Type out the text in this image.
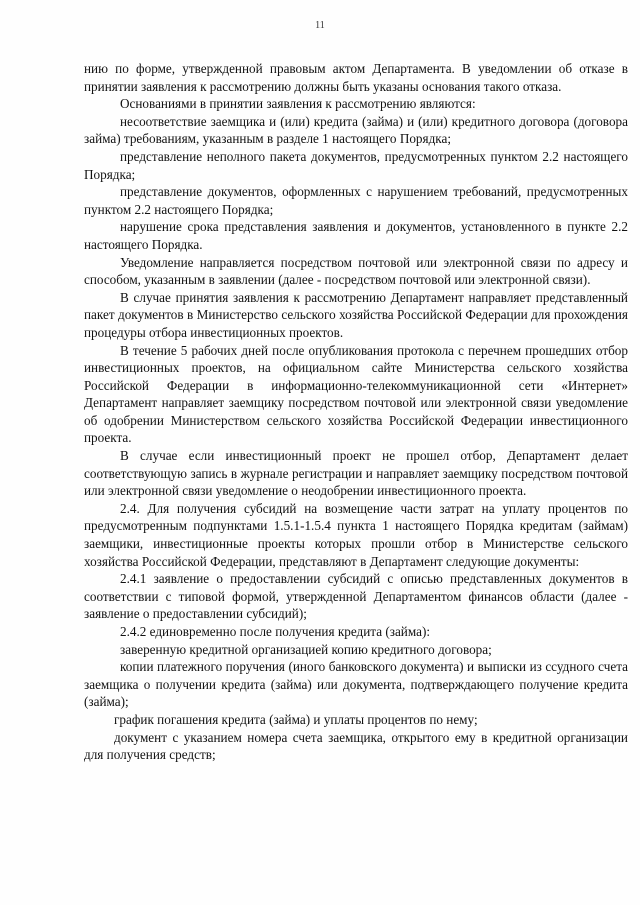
11

нию по форме, утвержденной правовым актом Департамента. В уведомлении об отказе в принятии заявления к рассмотрению должны быть указаны основания такого отказа.

Основаниями в принятии заявления к рассмотрению являются:

несоответствие заемщика и (или) кредита (займа) и (или) кредитного договора (договора займа) требованиям, указанным в разделе 1 настоящего Порядка;

представление неполного пакета документов, предусмотренных пунктом 2.2 настоящего Порядка;

представление документов, оформленных с нарушением требований, предусмотренных пунктом 2.2 настоящего Порядка;

нарушение срока представления заявления и документов, установленного в пункте 2.2 настоящего Порядка.

Уведомление направляется посредством почтовой или электронной связи по адресу и способом, указанным в заявлении (далее - посредством почтовой или электронной связи).

В случае принятия заявления к рассмотрению Департамент направляет представленный пакет документов в Министерство сельского хозяйства Российской Федерации для прохождения процедуры отбора инвестиционных проектов.

В течение 5 рабочих дней после опубликования протокола с перечнем прошедших отбор инвестиционных проектов, на официальном сайте Министерства сельского хозяйства Российской Федерации в информационно-телекоммуникационной сети «Интернет» Департамент направляет заемщику посредством почтовой или электронной связи уведомление об одобрении Министерством сельского хозяйства Российской Федерации инвестиционного проекта.

В случае если инвестиционный проект не прошел отбор, Департамент делает соответствующую запись в журнале регистрации и направляет заемщику посредством почтовой или электронной связи уведомление о неодобрении инвестиционного проекта.

2.4. Для получения субсидий на возмещение части затрат на уплату процентов по предусмотренным подпунктами 1.5.1-1.5.4 пункта 1 настоящего Порядка кредитам (займам) заемщики, инвестиционные проекты которых прошли отбор в Министерстве сельского хозяйства Российской Федерации, представляют в Департамент следующие документы:

2.4.1 заявление о предоставлении субсидий с описью представленных документов в соответствии с типовой формой, утвержденной Департаментом финансов области (далее - заявление о предоставлении субсидий);

2.4.2 единовременно после получения кредита (займа):

заверенную кредитной организацией копию кредитного договора;

копии платежного поручения (иного банковского документа) и выписки из ссудного счета заемщика о получении кредита (займа) или документа, подтверждающего получение кредита (займа);

график погашения кредита (займа) и уплаты процентов по нему;

документ с указанием номера счета заемщика, открытого ему в кредитной организации для получения средств;
